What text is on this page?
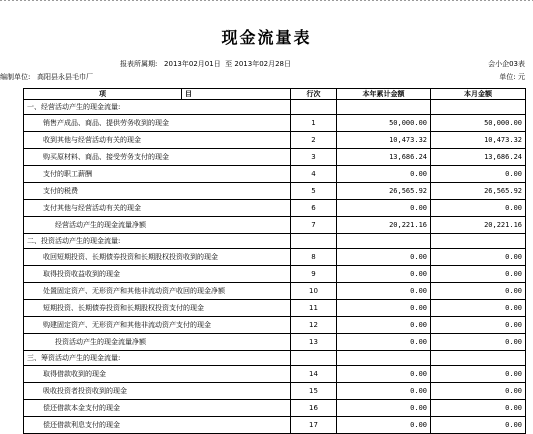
现金流量表
报表所属期: 2013年02月01日 至 2013年02月28日	会小企03表
编制单位: 高阳县永县毛巾厂	单位: 元
项	目	行次	本年累计金额	本月金额
一、经营活动产生的现金流量:				
销售产成品、商品、提供劳务收到的现金		1	50,000.00	50,000.00
收到其他与经营活动有关的现金		2	10,473.32	10,473.32
购买原材料、商品、接受劳务支付的现金		3	13,686.24	13,686.24
支付的职工薪酬		4	0.00	0.00
支付的税费		5	26,565.92	26,565.92
支付其他与经营活动有关的现金		6	0.00	0.00
经营活动产生的现金流量净额		7	20,221.16	20,221.16
二、投资活动产生的现金流量:				
收回短期投资、长期债券投资和长期股权投资收到的现金		8	0.00	0.00
取得投资收益收到的现金		9	0.00	0.00
处置固定资产、无形资产和其他非流动资产收回的现金净额		10	0.00	0.00
短期投资、长期债券投资和长期股权投资支付的现金		11	0.00	0.00
购建固定资产、无形资产和其他非流动资产支付的现金		12	0.00	0.00
投资活动产生的现金流量净额		13	0.00	0.00
三、筹资活动产生的现金流量:				
取得借款收到的现金		14	0.00	0.00
吸收投资者投资收到的现金		15	0.00	0.00
偿还借款本金支付的现金		16	0.00	0.00
偿还借款利息支付的现金		17	0.00	0.00
